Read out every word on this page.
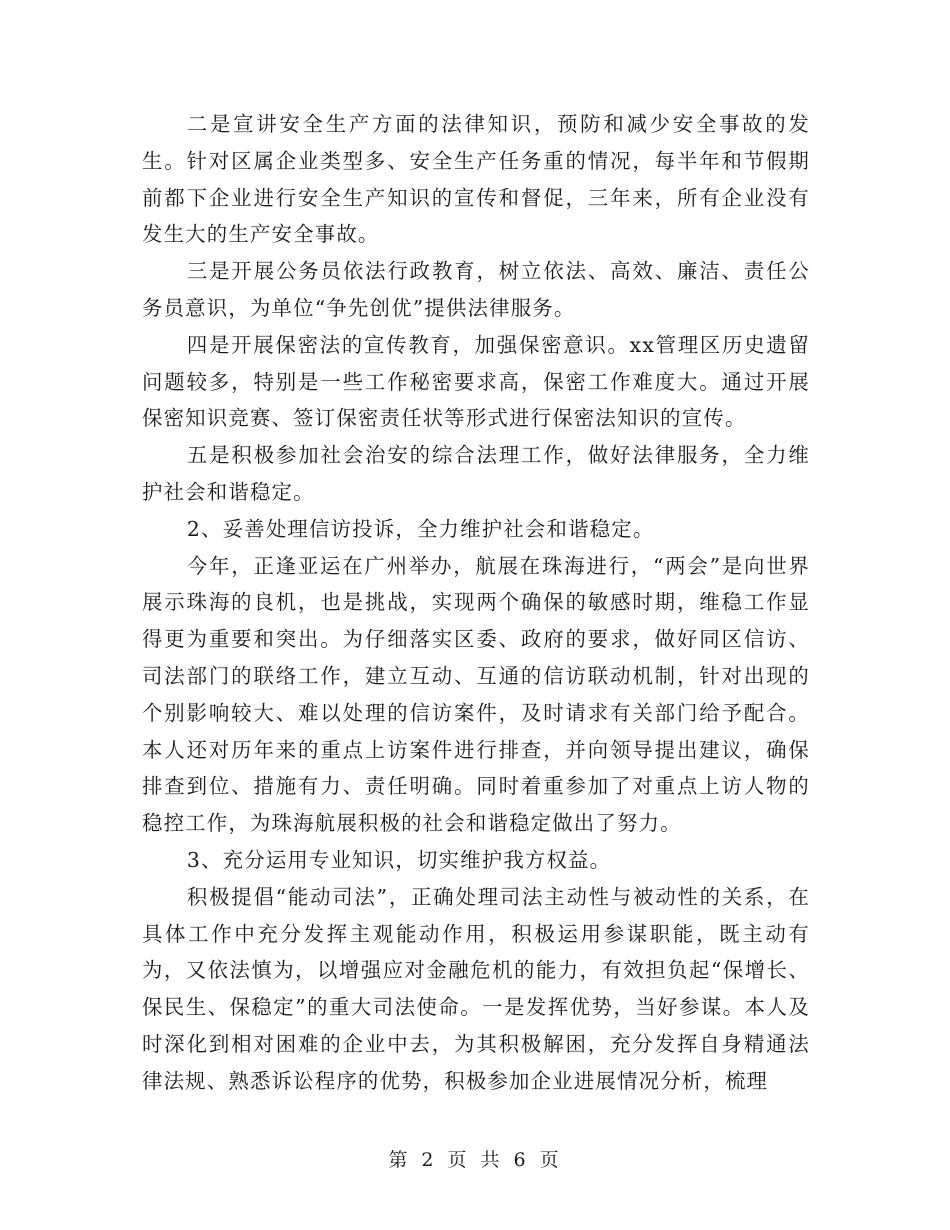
二是宣讲安全生产方面的法律知识，预防和减少安全事故的发生。针对区属企业类型多、安全生产任务重的情况，每半年和节假期前都下企业进行安全生产知识的宣传和督促，三年来，所有企业没有发生大的生产安全事故。

三是开展公务员依法行政教育，树立依法、高效、廉洁、责任公务员意识，为单位“争先创优”提供法律服务。

四是开展保密法的宣传教育，加强保密意识。xx管理区历史遗留问题较多，特别是一些工作秘密要求高，保密工作难度大。通过开展保密知识竞赛、签订保密责任状等形式进行保密法知识的宣传。

五是积极参加社会治安的综合法理工作，做好法律服务，全力维护社会和谐稳定。

2、妥善处理信访投诉，全力维护社会和谐稳定。

今年，正逢亚运在广州举办，航展在珠海进行，“两会”是向世界展示珠海的良机，也是挑战，实现两个确保的敏感时期，维稳工作显得更为重要和突出。为仔细落实区委、政府的要求，做好同区信访、司法部门的联络工作，建立互动、互通的信访联动机制，针对出现的个别影响较大、难以处理的信访案件，及时请求有关部门给予配合。本人还对历年来的重点上访案件进行排查，并向领导提出建议，确保排查到位、措施有力、责任明确。同时着重参加了对重点上访人物的稳控工作，为珠海航展积极的社会和谐稳定做出了努力。

3、充分运用专业知识，切实维护我方权益。

积极提倡“能动司法”，正确处理司法主动性与被动性的关系，在具体工作中充分发挥主观能动作用，积极运用参谋职能，既主动有为，又依法慎为，以增强应对金融危机的能力，有效担负起“保增长、保民生、保稳定”的重大司法使命。一是发挥优势，当好参谋。本人及时深化到相对困难的企业中去，为其积极解困，充分发挥自身精通法律法规、熟悉诉讼程序的优势，积极参加企业进展情况分析，梳理

第 2 页 共 6 页
